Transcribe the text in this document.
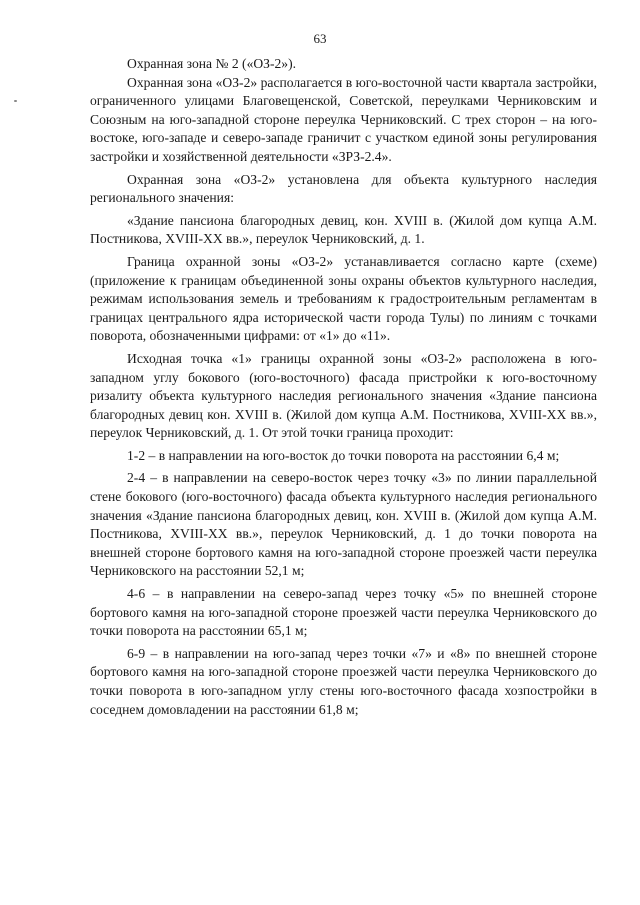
63

Охранная зона № 2 («ОЗ-2»).

Охранная зона «ОЗ-2» располагается в юго-восточной части квартала застройки, ограниченного улицами Благовещенской, Советской, переулками Черниковским и Союзным на юго-западной стороне переулка Черниковский. С трех сторон – на юго-востоке, юго-западе и северо-западе граничит с участком единой зоны регулирования застройки и хозяйственной деятельности «ЗРЗ-2.4».

Охранная зона «ОЗ-2» установлена для объекта культурного наследия регионального значения:

«Здание пансиона благородных девиц, кон. XVIII в. (Жилой дом купца А.М. Постникова, XVIII-XX вв.», переулок Черниковский, д. 1.

Граница охранной зоны «ОЗ-2» устанавливается согласно карте (схеме) (приложение к границам объединенной зоны охраны объектов культурного наследия, режимам использования земель и требованиям к градостроительным регламентам в границах центрального ядра исторической части города Тулы) по линиям с точками поворота, обозначенными цифрами: от «1» до «11».

Исходная точка «1» границы охранной зоны «ОЗ-2» расположена в юго-западном углу бокового (юго-восточного) фасада пристройки к юго-восточному ризалиту объекта культурного наследия регионального значения «Здание пансиона благородных девиц кон. XVIII в. (Жилой дом купца А.М. Постникова, XVIII-XX вв.», переулок Черниковский, д. 1. От этой точки граница проходит:

1-2 – в направлении на юго-восток до точки поворота на расстоянии 6,4 м;

2-4 – в направлении на северо-восток через точку «3» по линии параллельной стене бокового (юго-восточного) фасада объекта культурного наследия регионального значения «Здание пансиона благородных девиц, кон. XVIII в. (Жилой дом купца А.М. Постникова, XVIII-XX вв.», переулок Черниковский, д. 1 до точки поворота на внешней стороне бортового камня на юго-западной стороне проезжей части переулка Черниковского на расстоянии 52,1 м;

4-6 – в направлении на северо-запад через точку «5» по внешней стороне бортового камня на юго-западной стороне проезжей части переулка Черниковского до точки поворота на расстоянии 65,1 м;

6-9 – в направлении на юго-запад через точки «7» и «8» по внешней стороне бортового камня на юго-западной стороне проезжей части переулка Черниковского до точки поворота в юго-западном углу стены юго-восточного фасада хозпостройки в соседнем домовладении на расстоянии 61,8 м;
